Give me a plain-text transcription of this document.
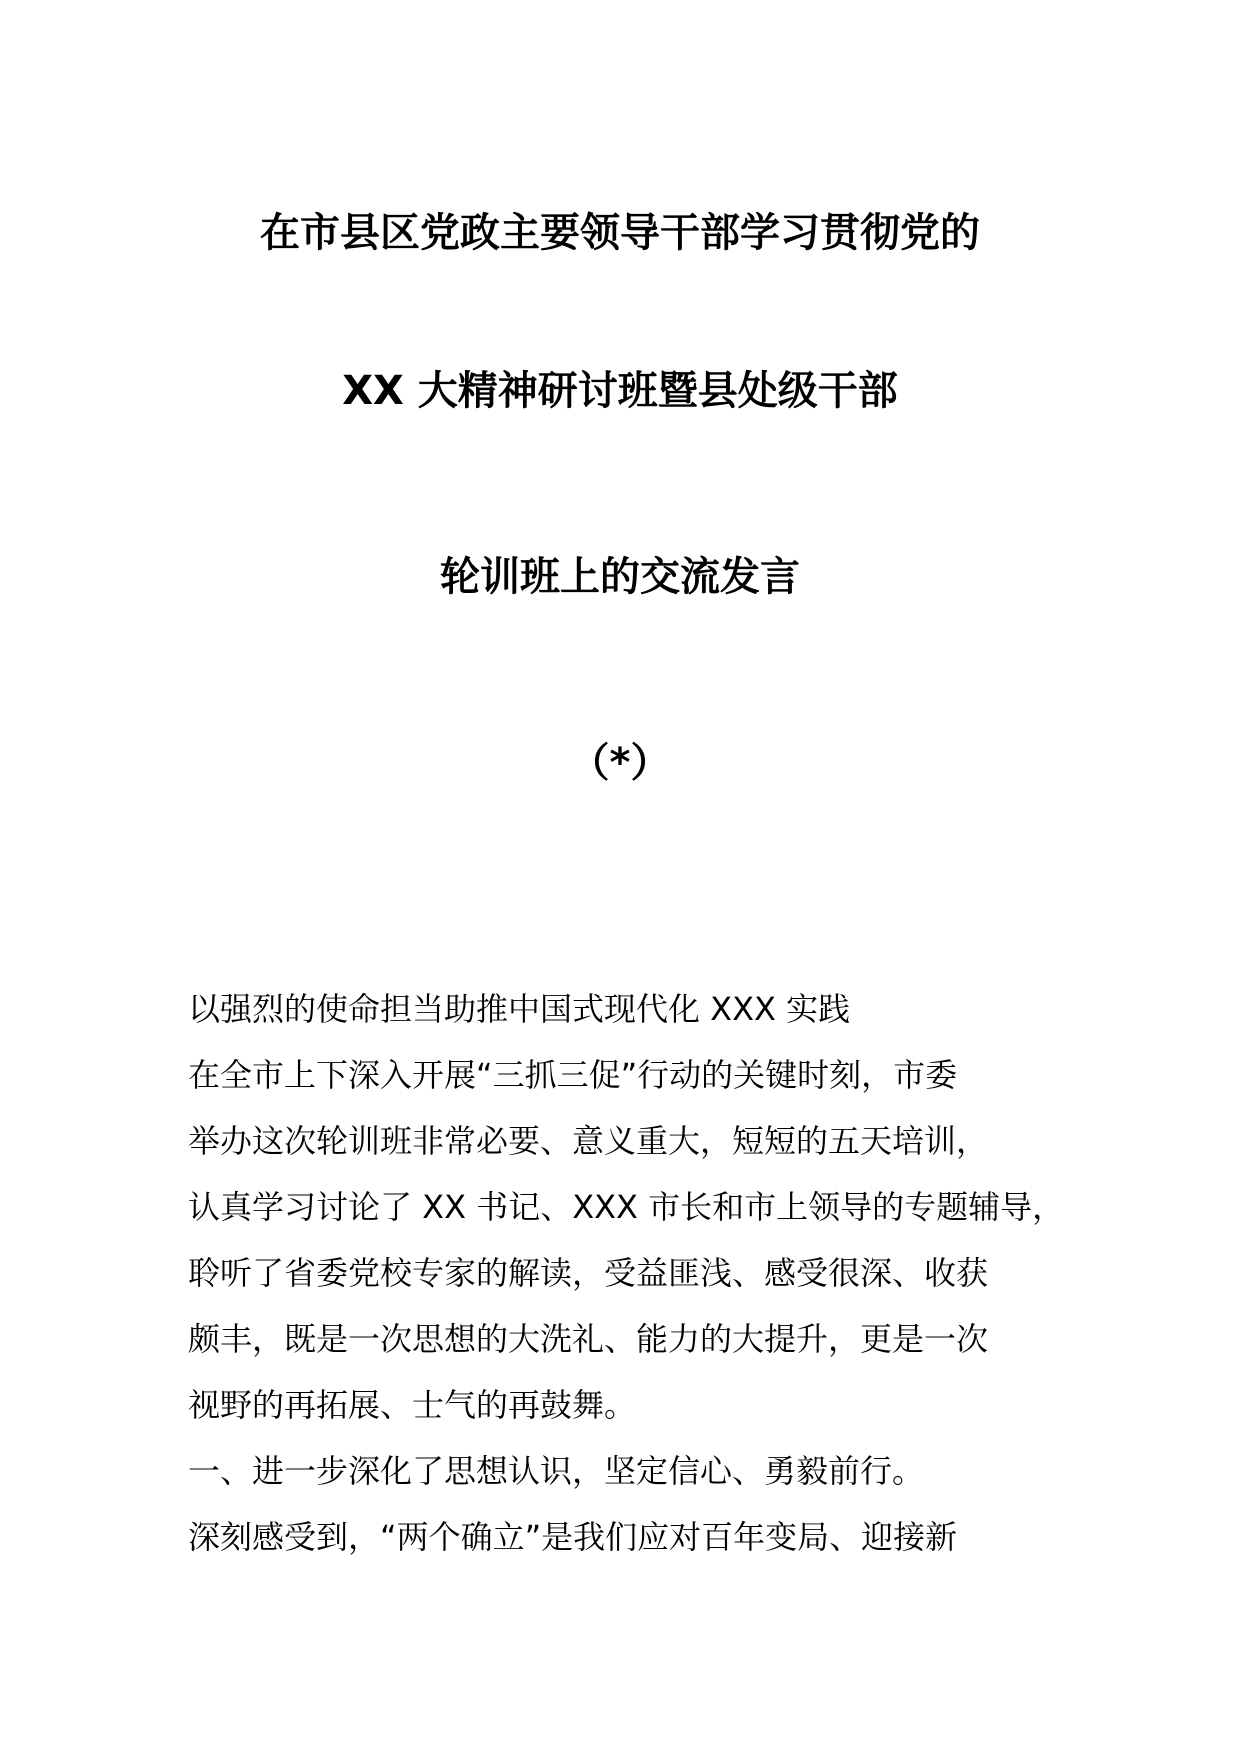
在市县区党政主要领导干部学习贯彻党的
XX 大精神研讨班暨县处级干部
轮训班上的交流发言
（*）
以强烈的使命担当助推中国式现代化 XXX 实践
在全市上下深入开展“三抓三促”行动的关键时刻，市委
举办这次轮训班非常必要、意义重大，短短的五天培训，
认真学习讨论了 XX 书记、XXX 市长和市上领导的专题辅导，
聆听了省委党校专家的解读，受益匪浅、感受很深、收获
颇丰，既是一次思想的大洗礼、能力的大提升，更是一次
视野的再拓展、士气的再鼓舞。
一、进一步深化了思想认识，坚定信心、勇毅前行。
深刻感受到，“两个确立”是我们应对百年变局、迎接新
